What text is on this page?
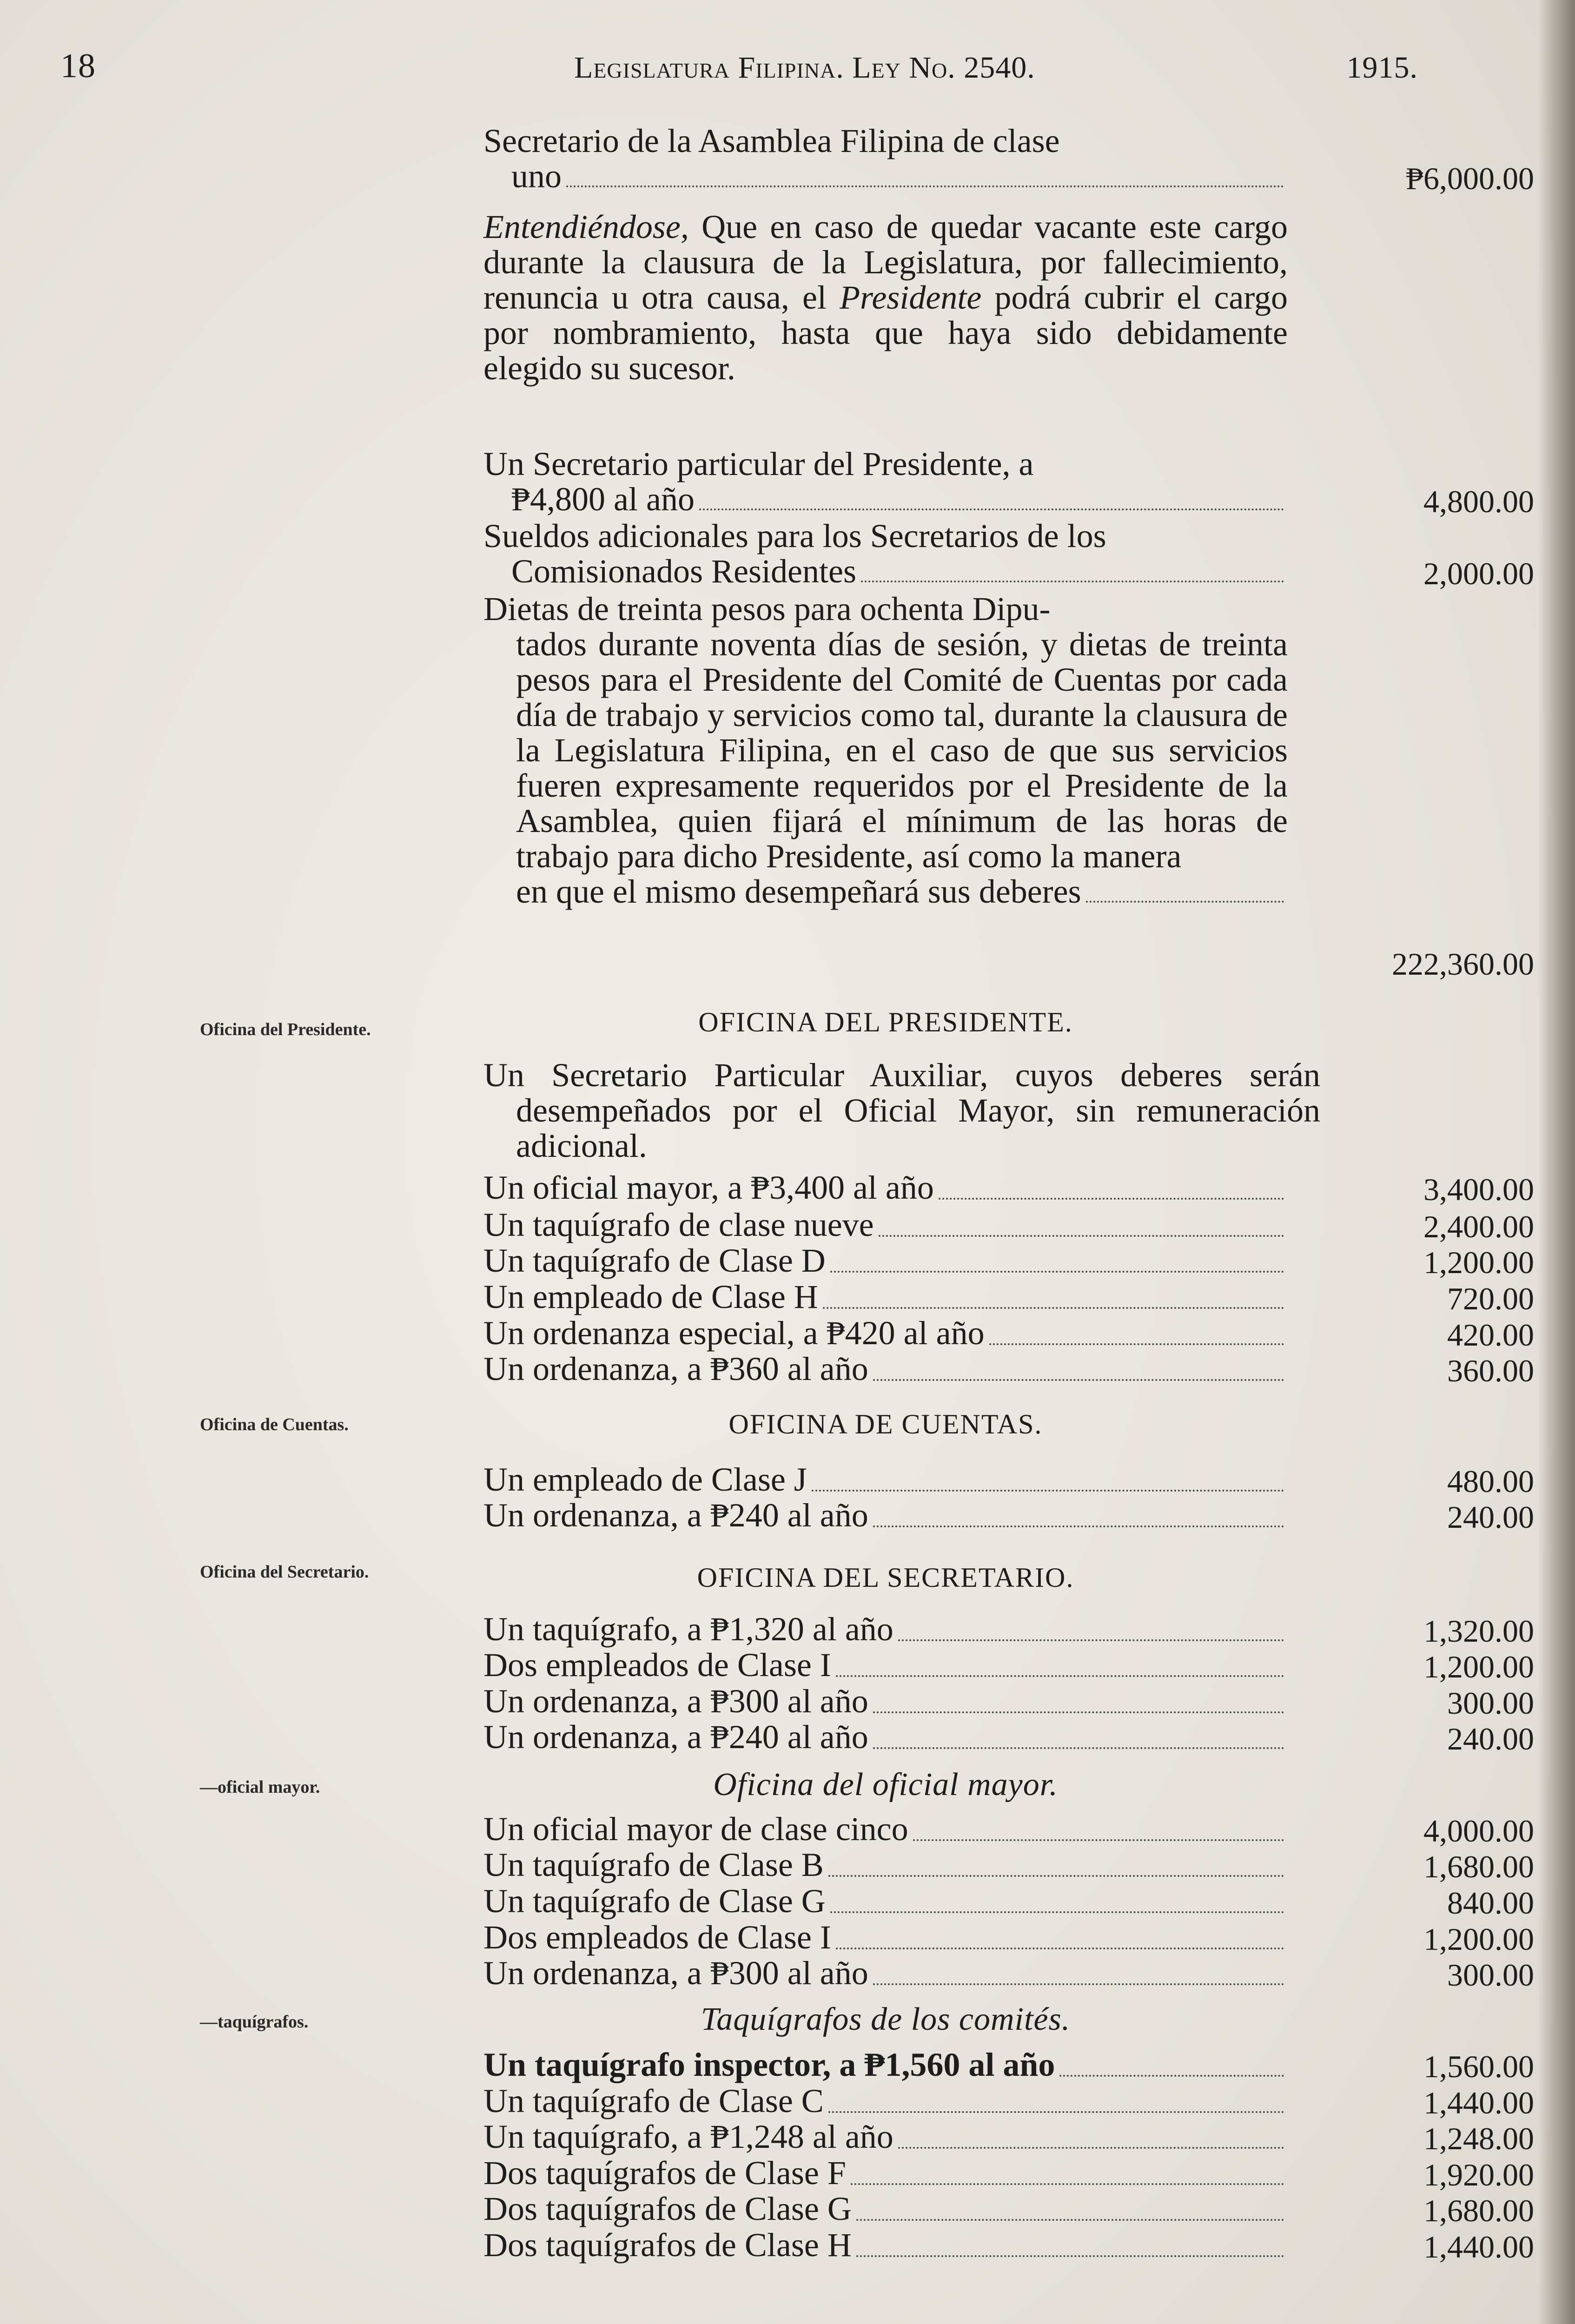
18	Legislatura Filipina. Ley No. 2540.	1915.
Secretario de la Asamblea Filipina de clase
uno	₱6,000.00
Entendiéndose, Que en caso de quedar vacante este cargo durante la clausura de la Legislatura, por fallecimiento, renuncia u otra causa, el Presidente podrá cubrir el cargo por nombramiento, hasta que haya sido debidamente elegido su sucesor.
Un Secretario particular del Presidente, a
₱4,800 al año	4,800.00
Sueldos adicionales para los Secretarios de los
Comisionados Residentes	2,000.00
Dietas de treinta pesos para ochenta Dipu-
tados durante noventa días de sesión, y dietas de treinta pesos para el Presidente del Comité de Cuentas por cada día de trabajo y servicios como tal, durante la clausura de la Legislatura Filipina, en el caso de que sus servicios fueren expresamente requeridos por el Presidente de la Asamblea, quien fijará el mínimum de las horas de trabajo para dicho Presidente, así como la manera
en que el mismo desempeñará sus deberes
222,360.00
Oficina del Presidente.	OFICINA DEL PRESIDENTE.
Un Secretario Particular Auxiliar, cuyos deberes serán desempeñados por el Oficial Mayor, sin remuneración adicional.
Un oficial mayor, a ₱3,400 al año	3,400.00
Un taquígrafo de clase nueve	2,400.00
Un taquígrafo de Clase D	1,200.00
Un empleado de Clase H	720.00
Un ordenanza especial, a ₱420 al año	420.00
Un ordenanza, a ₱360 al año	360.00
Oficina de Cuentas.	OFICINA DE CUENTAS.
Un empleado de Clase J	480.00
Un ordenanza, a ₱240 al año	240.00
Oficina del Secretario.	OFICINA DEL SECRETARIO.
Un taquígrafo, a ₱1,320 al año	1,320.00
Dos empleados de Clase I	1,200.00
Un ordenanza, a ₱300 al año	300.00
Un ordenanza, a ₱240 al año	240.00
—oficial mayor.	Oficina del oficial mayor.
Un oficial mayor de clase cinco	4,000.00
Un taquígrafo de Clase B	1,680.00
Un taquígrafo de Clase G	840.00
Dos empleados de Clase I	1,200.00
Un ordenanza, a ₱300 al año	300.00
—taquígrafos.	Taquígrafos de los comités.
Un taquígrafo inspector, a ₱1,560 al año	1,560.00
Un taquígrafo de Clase C	1,440.00
Un taquígrafo, a ₱1,248 al año	1,248.00
Dos taquígrafos de Clase F	1,920.00
Dos taquígrafos de Clase G	1,680.00
Dos taquígrafos de Clase H	1,440.00
